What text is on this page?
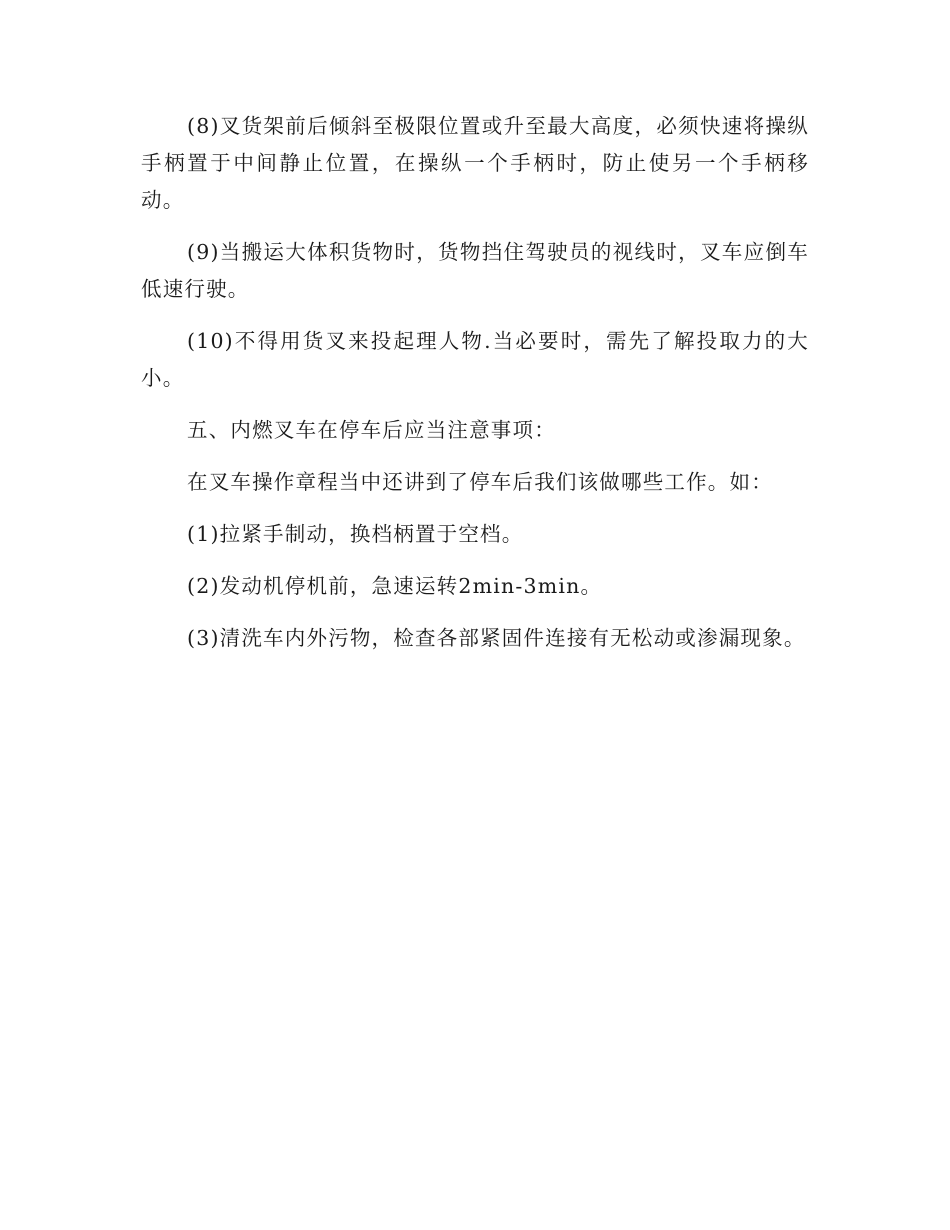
(8)叉货架前后倾斜至极限位置或升至最大高度，必须快速将操纵手柄置于中间静止位置，在操纵一个手柄时，防止使另一个手柄移动。

(9)当搬运大体积货物时，货物挡住驾驶员的视线时，叉车应倒车低速行驶。

(10)不得用货叉来投起理人物.当必要时，需先了解投取力的大小。

五、内燃叉车在停车后应当注意事项：

在叉车操作章程当中还讲到了停车后我们该做哪些工作。如：

(1)拉紧手制动，换档柄置于空档。

(2)发动机停机前，急速运转2min-3min。

(3)清洗车内外污物，检查各部紧固件连接有无松动或渗漏现象。
